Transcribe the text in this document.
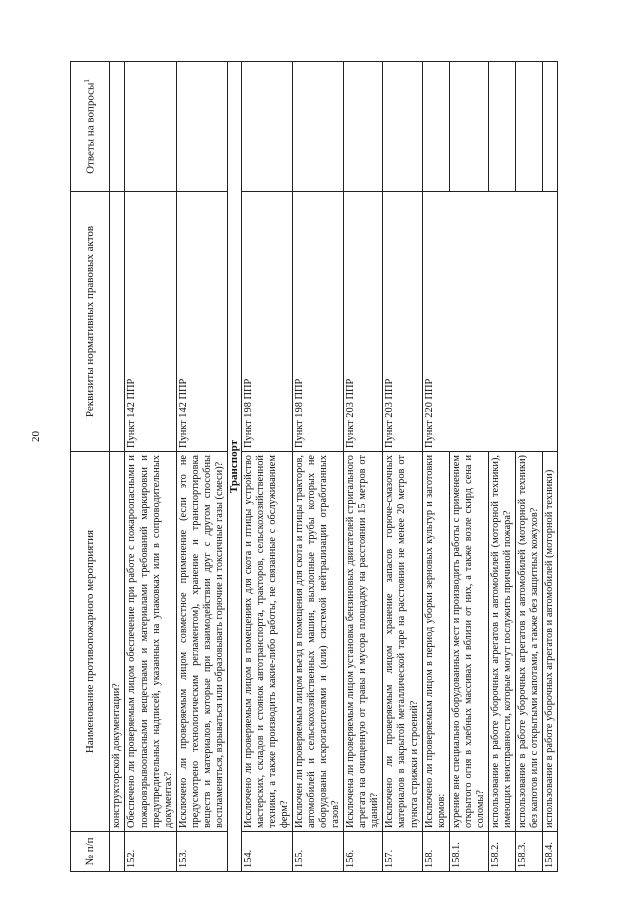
20
№ п/п	Наименование противопожарного мероприятия	Реквизиты нормативных правовых актов	Ответы на вопросы$^1$
	конструкторской документации?		
152.	Обеспечено ли проверяемым лицом обеспечение при работе с пожароопасными и пожаровзрывоопасными веществами и материалами требований маркировки и предупредительных надписей, указанных на упаковках или в сопроводительных документах?	Пункт 142 ППР	
153.	Исключено ли проверяемым лицом совместное применение (если это не предусмотрено технологическим регламентом), хранение и транспортировка веществ и материалов, которые при взаимодействии друг с другом способны воспламеняться, взрываться или образовывать горючие и токсичные газы (смеси)?	Пункт 142 ППР	
Транспорт			
154.	Исключено ли проверяемым лицом в помещениях для скота и птицы устройство мастерских, складов и стоянок автотранспорта, тракторов, сельскохозяйственной техники, а также производить какие-либо работы, не связанные с обслуживанием ферм?	Пункт 198 ППР	
155.	Исключен ли проверяемым лицом въезд в помещения для скота и птицы тракторов, автомобилей и сельскохозяйственных машин, выхлопные трубы которых не оборудованы искрогасителями и (или) системой нейтрализации отработанных газов?	Пункт 198 ППР	
156.	Исключена ли проверяемым лицом установка бензиновых двигателей стригального агрегата на очищенную от травы и мусора площадку на расстоянии 15 метров от зданий?	Пункт 203 ППР	
157.	Исключено ли проверяемым лицом хранение запасов горюче-смазочных материалов в закрытой металлической таре на расстоянии не менее 20 метров от пункта стрижки и строений?	Пункт 203 ППР	
158.	Исключено ли проверяемым лицом в период уборки зерновых культур и заготовки кормов:	Пункт 220 ППР	
158.1.	курение вне специально оборудованных мест и производить работы с применением открытого огня в хлебных массивах и вблизи от них, а также возле скирд сена и соломы?		
158.2.	использование в работе уборочных агрегатов и автомобилей (моторной техники), имеющих неисправности, которые могут послужить причиной пожара?		
158.3.	использование в работе уборочных агрегатов и автомобилей (моторной техники) без капотов или с открытыми капотами, а также без защитных кожухов?		
158.4.	использование в работе уборочных агрегатов и автомобилей (моторной техники)		
